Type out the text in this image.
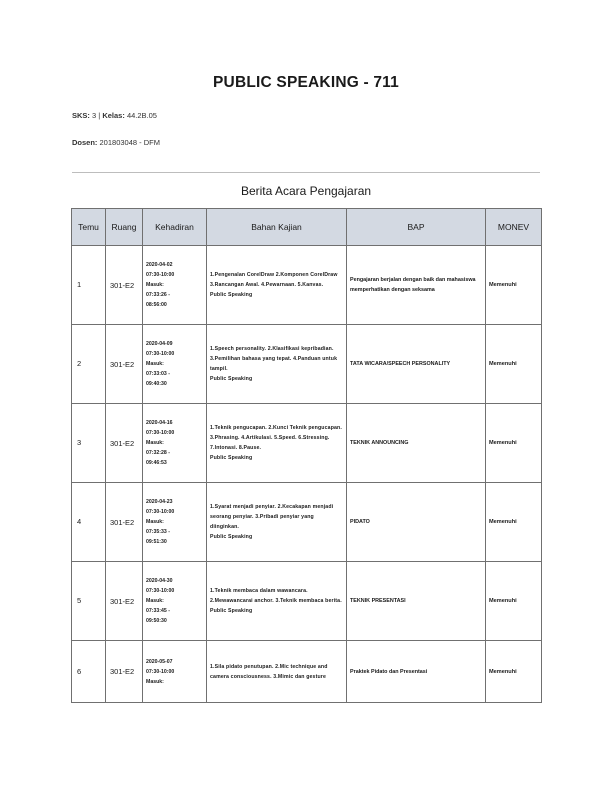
PUBLIC SPEAKING - 711
SKS: 3 | Kelas: 44.2B.05
Dosen: 201803048 - DFM
Berita Acara Pengajaran
Temu	Ruang	Kehadiran	Bahan Kajian	BAP	MONEV
1	301-E2	2020-04-02
07:30-10:00
Masuk:
07:33:26 -
08:56:00	1.Pengenalan CorelDraw 2.Komponen CorelDraw 3.Rancangan Awal. 4.Pewarnaan. 5.Kanvas.
Public Speaking	Pengajaran berjalan dengan baik dan mahasiswa memperhatikan dengan seksama	Memenuhi
2	301-E2	2020-04-09
07:30-10:00
Masuk:
07:33:03 -
09:40:30	1.Speech personality. 2.Klasifikasi kepribadian. 3.Pemilihan bahasa yang tepat. 4.Panduan untuk tampil.
Public Speaking	TATA WICARA/SPEECH PERSONALITY	Memenuhi
3	301-E2	2020-04-16
07:30-10:00
Masuk:
07:32:28 -
09:46:53	1.Teknik pengucapan. 2.Kunci Teknik pengucapan. 3.Phrasing. 4.Artikulasi. 5.Speed. 6.Stressing. 7.Intonasi. 8.Pause.
Public Speaking	TEKNIK ANNOUNCING	Memenuhi
4	301-E2	2020-04-23
07:30-10:00
Masuk:
07:35:33 -
09:51:30	1.Syarat menjadi penyiar. 2.Kecakapan menjadi seorang penyiar. 3.Pribadi penyiar yang diinginkan.
Public Speaking	PIDATO	Memenuhi
5	301-E2	2020-04-30
07:30-10:00
Masuk:
07:33:45 -
09:50:30	1.Teknik membaca dalam wawancara. 2.Mewawancarai anchor. 3.Teknik membaca berita.
Public Speaking	TEKNIK PRESENTASI	Memenuhi
6	301-E2	2020-05-07
07:30-10:00
Masuk:	1.Sila pidato penutupan. 2.Mic technique and camera consciousness. 3.Mimic dan gesture	Praktek Pidato dan Presentasi	Memenuhi
